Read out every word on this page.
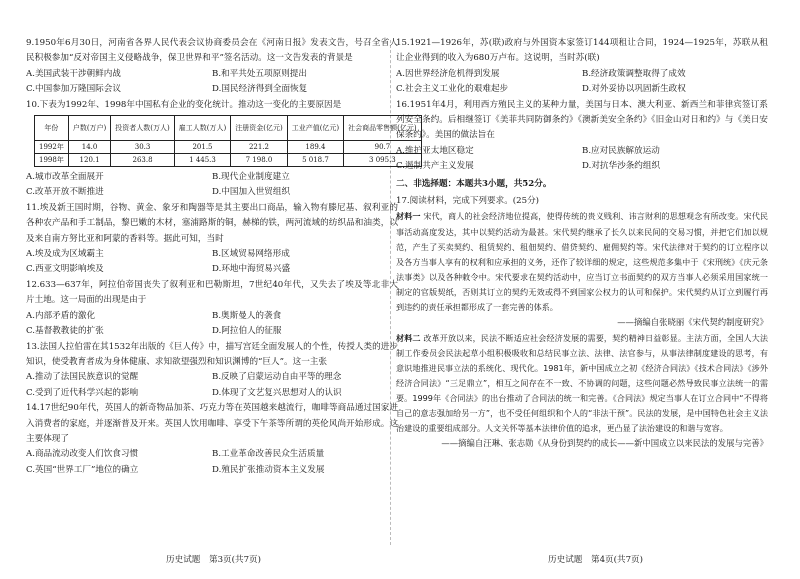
9.1950年6月30日，河南省各界人民代表会议协商委员会在《河南日报》发表文告，号召全省人民积极参加“反对帝国主义侵略战争，保卫世界和平”签名活动。这一文告发表的背景是

A.美国武装干涉朝鲜内战	B.和平共处五项原则提出
C.中国参加万隆国际会议	D.国民经济得到全面恢复

10.下表为1992年、1998年中国私有企业的变化统计。推动这一变化的主要原因是

年份	户数(万户)	投资者人数(万人)	雇工人数(万人)	注册资金(亿元)	工业产值(亿元)	社会商品零售额(亿元)
1992年	14.0	30.3	201.5	221.2	189.4	90.7
1998年	120.1	263.8	1 445.3	7 198.0	5 018.7	3 095.3
A.城市改革全面展开	B.现代企业制度建立
C.改革开放不断推进	D.中国加入世贸组织

11.埃及新王国时期，谷物、黄金、象牙和陶器等是其主要出口商品，输入物有滕尼基、叙利亚的各种农产品和手工制品，黎巴嫩的木材，塞浦路斯的铜，赫梯的铁，两河流域的纺织品和油类，以及来自南方努比亚和阿蒙的香料等。据此可知，当时

A.埃及成为区域霸主	B.区域贸易网络形成
C.西亚文明影响埃及	D.环地中海贸易兴盛

12.633—637年，阿拉伯帝国丧失了叙利亚和巴勒斯坦，7世纪40年代，又失去了埃及等北非大片土地。这一局面的出现是由于

A.内部矛盾的激化	B.奥斯曼人的袭食
C.基督教教徒的扩张	D.阿拉伯人的征服

13.法国人拉伯雷在其1532年出版的《巨人传》中，描写宫廷全面发展人的个性，传授人类的进步知识，使受教育者成为身体健康、求知欲望强烈和知识渊博的“巨人”。这一主张

A.推动了法国民族意识的觉醒	B.反映了启蒙运动自由平等的理念
C.受到了近代科学兴起的影响	D.体现了文艺复兴思想对人的认识

14.17世纪90年代，英国人的新奇物品加茶、巧克力等在英国越来越流行，咖啡等商品通过国家进入消费者的家庭，并逐渐普及开来。英国人饮用咖啡、享受下午茶等所谓的英伦风尚开始形成。这主要体现了

A.商品流动改变人们饮食习惯	B.工业革命改善民众生活质量
C.英国“世界工厂”地位的确立	D.殖民扩张推动资本主义发展

15.1921—1926年，苏(联)政府与外国资本家签订144项租让合同，1924—1925年，苏联从租让企业得到的收入为680万卢布。这说明，当时苏(联)

A.因世界经济危机得到发展	B.经济政策调整取得了成效
C.社会主义工业化的艰难起步	D.对外妥协以巩固新生政权

16.1951年4月，利用西方殖民主义的某种力量，美国与日本、澳大利亚、新西兰和菲律宾签订系列安全条约。后相继签订《美菲共同防御条约》《澳新美安全条约》《旧金山对日和约》与《美日安保条约》。美国的做法旨在

A.维护亚太地区稳定	B.应对民族解放运动
C.遏制共产主义发展	D.对抗华沙条约组织

二、非选择题：本题共3小题，共52分。

17.阅读材料，完成下列要求。(25分)

材料一 宋代，商人的社会经济地位提高，使得传统的贵义贱利、讳言财利的思想观念有所改变。宋代民事活动高度发达，其中以契约活动为最甚。宋代契约继承了长久以来民间的交易习惯，并把它们加以规范，产生了买卖契约、租赁契约、租佃契约、借贷契约、雇佣契约等。宋代法律对于契约的订立程序以及各方当事人享有的权利和应承担的义务，还作了较详细的规定，这些规范多集中于《宋刑统》《庆元条法事类》以及各种敕令中。宋代要求在契约活动中，应当订立书面契约的双方当事人必须采用国家统一制定的官版契纸，否则其订立的契约无效或得不到国家公权力的认可和保护。宋代契约从订立到履行再到违约的责任承担都形成了一套完善的体系。

——摘编自张晓丽《宋代契约制度研究》

材料二 改革开放以来，民法不断适应社会经济发展的需要，契约精神日益彰显。主法方面，全国人大法制工作委员会民法起草小组积极吸收和总结民事立法、法律、法官参与，从事法律制度建设的思考，有意识地推进民事立法的系统化、现代化。1981年，新中国成立之初《经济合同法》《技术合同法》《涉外经济合同法》“三足鼎立”，相互之间存在不一致、不协调的问题，这些问题必然导致民事立法统一的需要。1999年《合同法》的出台推动了合同法的统一和完善。《合同法》规定当事人在订立合同中“不得将自己的意志强加给另一方”，也不受任何组织和个人的“非法干预”。民法的发展，是中国特色社会主义法治建设的重要组成部分。人文关怀等基本法律价值的追求，更凸显了法治建设的和谐与宽容。

——摘编自汪琳、张志勋《从身份到契约的成长——新中国成立以来民法的发展与完善》

历史试题　第3页(共7页)	历史试题　第4页(共7页)
